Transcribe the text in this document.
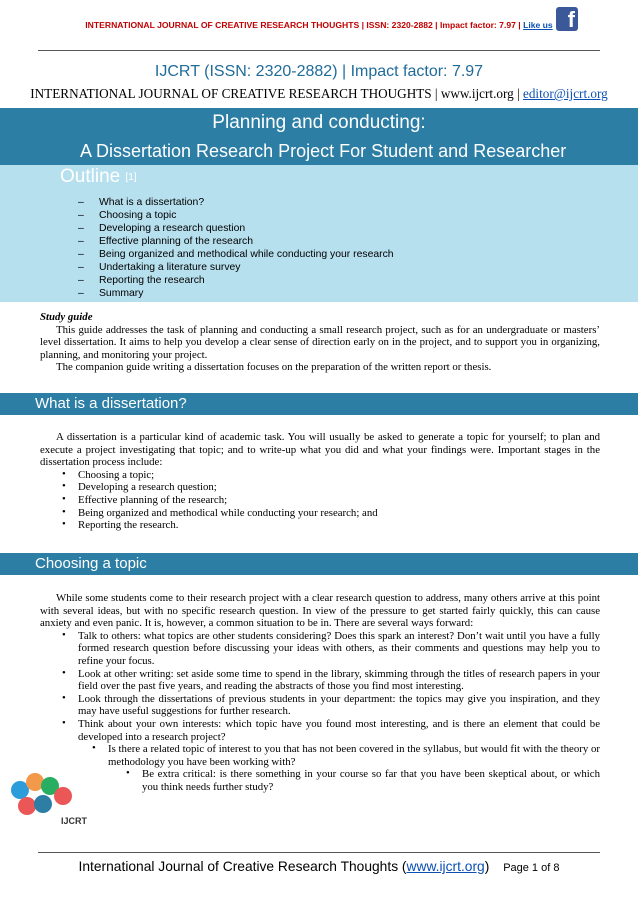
INTERNATIONAL JOURNAL OF CREATIVE RESEARCH THOUGHTS | ISSN: 2320-2882 | Impact factor: 7.97 | Like us f
IJCRT (ISSN: 2320-2882) | Impact factor: 7.97
INTERNATIONAL JOURNAL OF CREATIVE RESEARCH THOUGHTS | www.ijcrt.org | editor@ijcrt.org
Planning and conducting:
A Dissertation Research Project For Student and Researcher
Outline [1]
– What is a dissertation?
– Choosing a topic
– Developing a research question
– Effective planning of the research
– Being organized and methodical while conducting your research
– Undertaking a literature survey
– Reporting the research
– Summary

Study guide

This guide addresses the task of planning and conducting a small research project, such as for an undergraduate or masters’ level dissertation. It aims to help you develop a clear sense of direction early on in the project, and to support you in organizing, planning, and monitoring your project.

The companion guide writing a dissertation focuses on the preparation of the written report or thesis.

What is a dissertation?

A dissertation is a particular kind of academic task. You will usually be asked to generate a topic for yourself; to plan and execute a project investigating that topic; and to write-up what you did and what your findings were. Important stages in the dissertation process include:

• Choosing a topic;
• Developing a research question;
• Effective planning of the research;
• Being organized and methodical while conducting your research; and
• Reporting the research.
Choosing a topic

While some students come to their research project with a clear research question to address, many others arrive at this point with several ideas, but with no specific research question. In view of the pressure to get started fairly quickly, this can cause anxiety and even panic. It is, however, a common situation to be in. There are several ways forward:

• Talk to others: what topics are other students considering? Does this spark an interest? Don’t wait until you have a fully formed research question before discussing your ideas with others, as their comments and questions may help you to refine your focus.
• Look at other writing: set aside some time to spend in the library, skimming through the titles of research papers in your field over the past five years, and reading the abstracts of those you find most interesting.
• Look through the dissertations of previous students in your department: the topics may give you inspiration, and they may have useful suggestions for further research.
• Think about your own interests: which topic have you found most interesting, and is there an element that could be developed into a research project?
• Is there a related topic of interest to you that has not been covered in the syllabus, but would fit with the theory or methodology you have been working with?
• Be extra critical: is there something in your course so far that you have been skeptical about, or which you think needs further study?
IJCRT
International Journal of Creative Research Thoughts (www.ijcrt.org) Page 1 of 8
